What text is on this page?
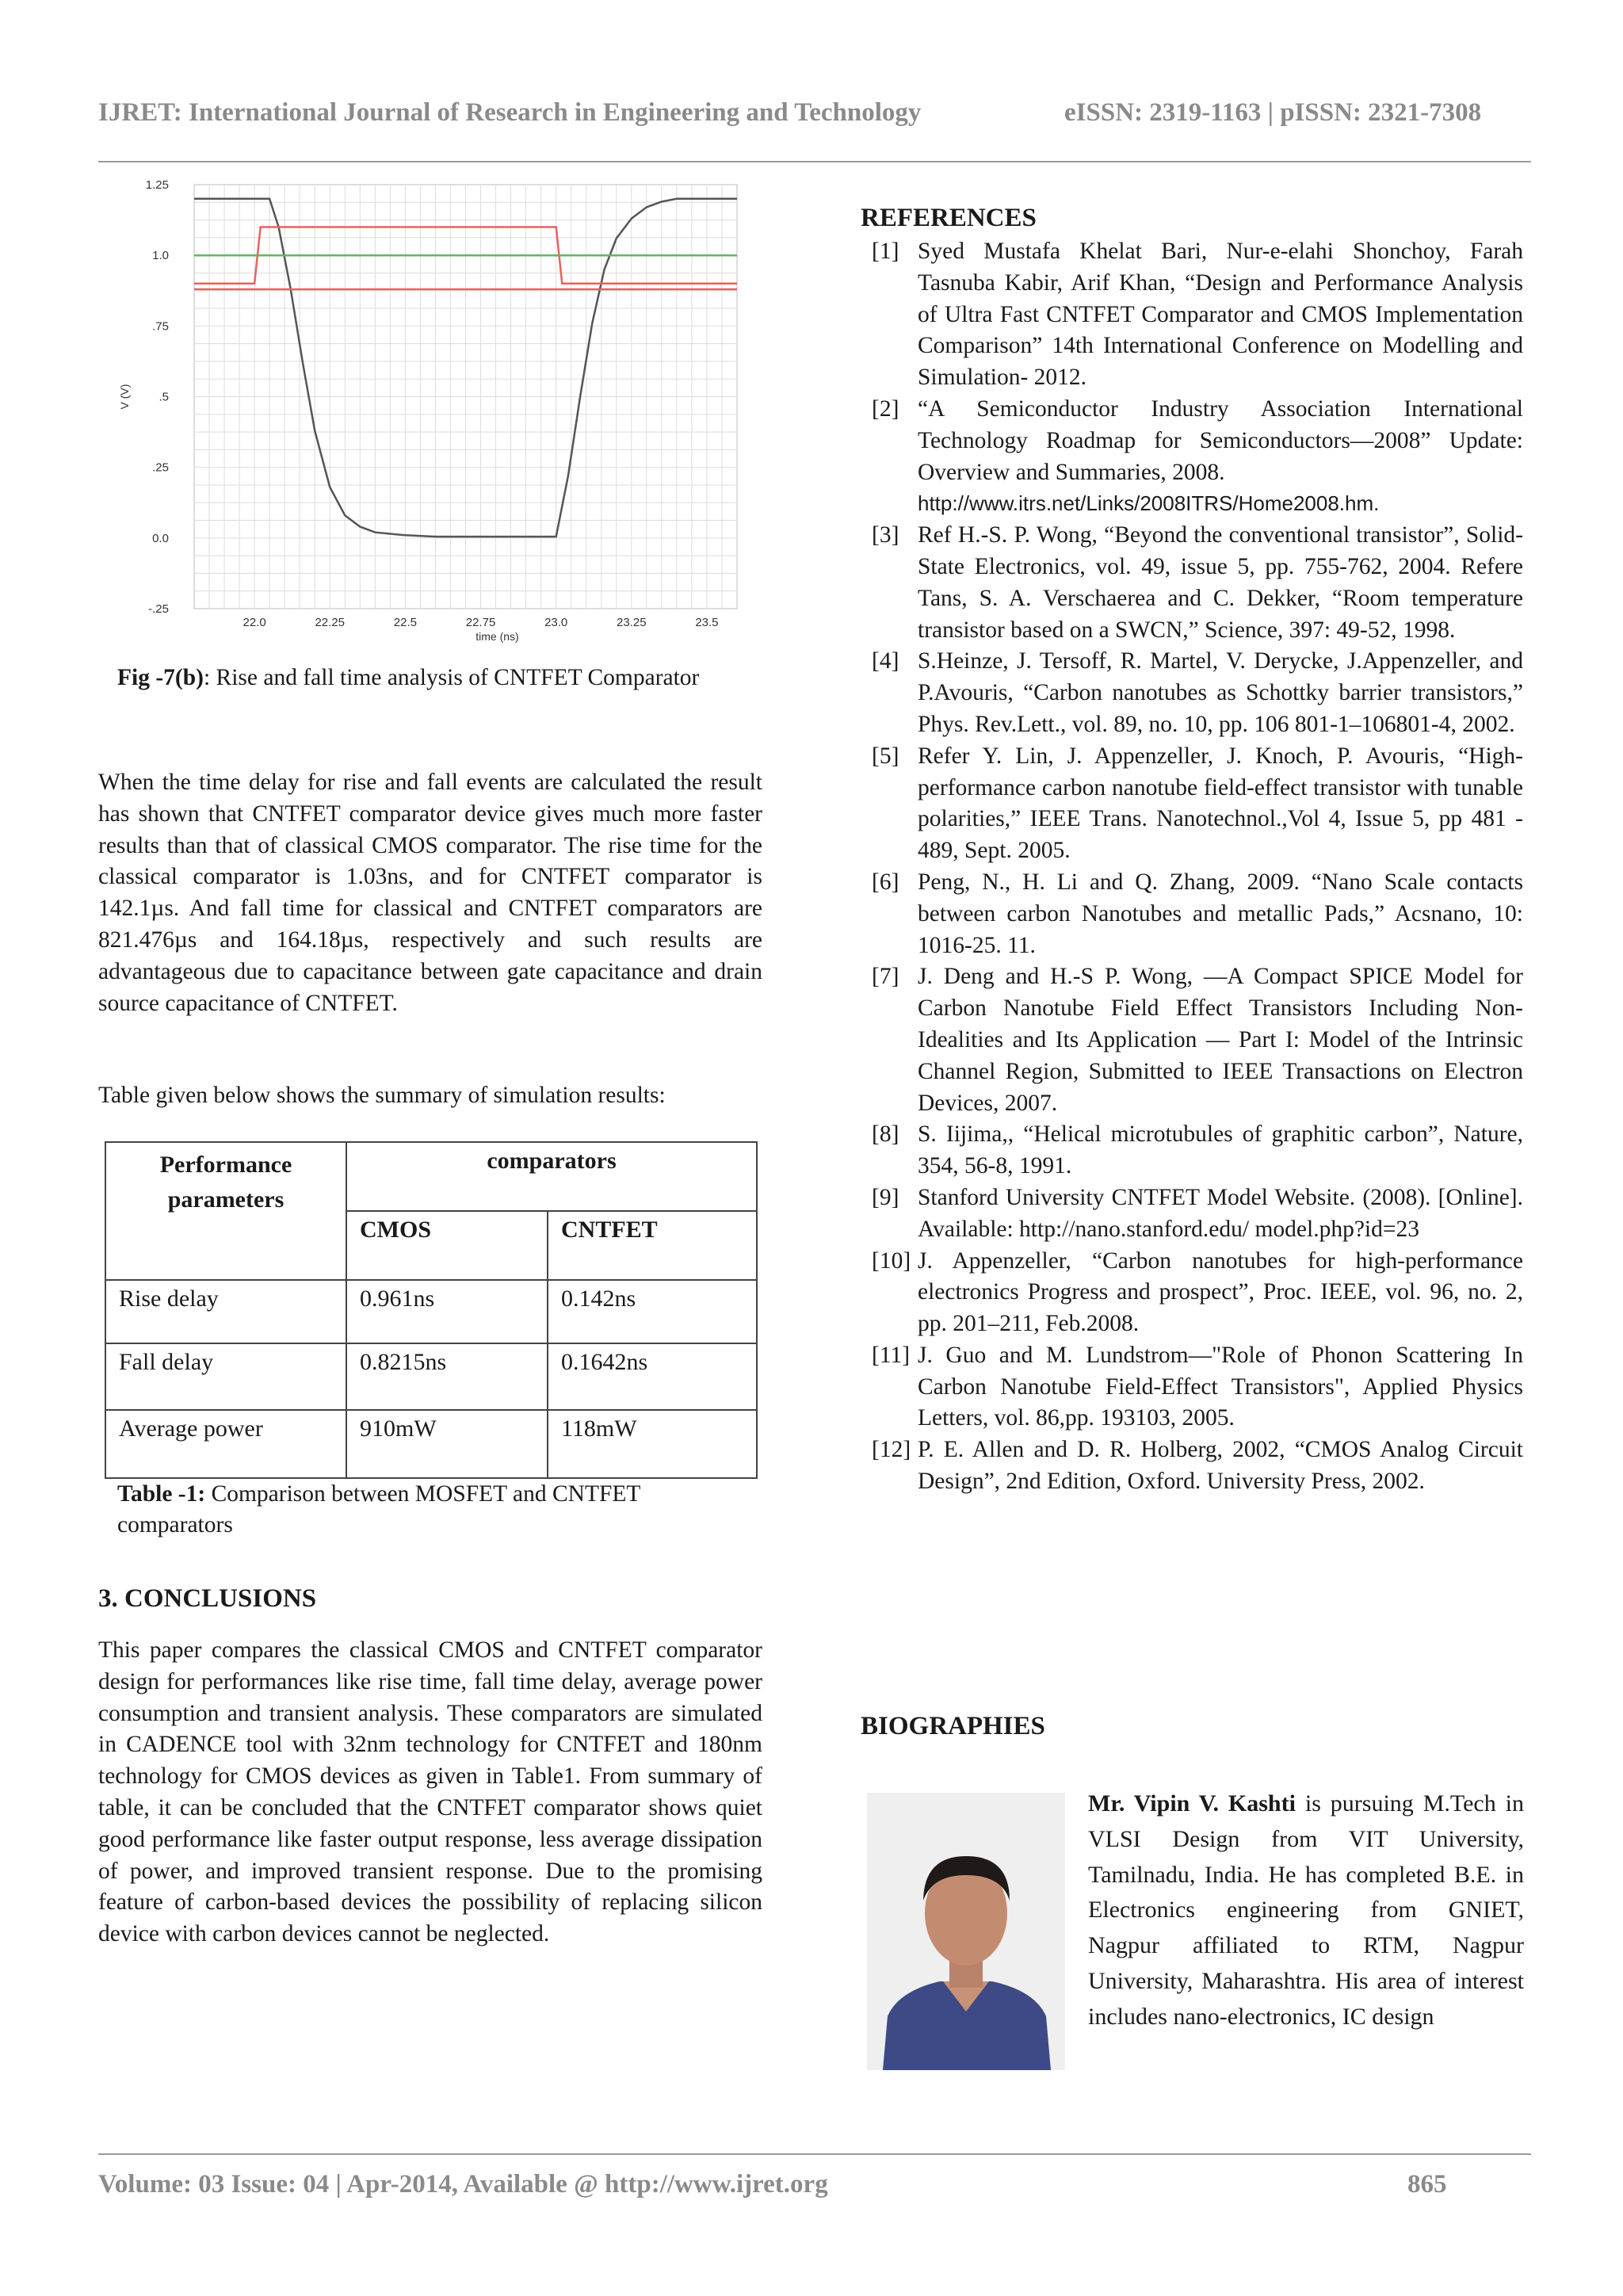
IJRET: International Journal of Research in Engineering and Technology	eISSN: 2319-1163 | pISSN: 2321-7308
1.25
1.0
.75
.5
.25
0.0
-.25
22.0	22.25	22.5	22.75	23.0	23.25	23.5
time (ns)
V (V)
Fig -7(b): Rise and fall time analysis of CNTFET Comparator
When the time delay for rise and fall events are calculated the result has shown that CNTFET comparator device gives much more faster results than that of classical CMOS comparator. The rise time for the classical comparator is 1.03ns, and for CNTFET comparator is 142.1µs. And fall time for classical and CNTFET comparators are 821.476µs and 164.18µs, respectively and such results are advantageous due to capacitance between gate capacitance and drain source capacitance of CNTFET.
Table given below shows the summary of simulation results:
Performance parameters	comparators	
	CMOS	CNTFET
Rise delay	0.961ns	0.142ns
Fall delay	0.8215ns	0.1642ns
Average power	910mW	118mW
Table -1: Comparison between MOSFET and CNTFET comparators
3. CONCLUSIONS
This paper compares the classical CMOS and CNTFET comparator design for performances like rise time, fall time delay, average power consumption and transient analysis. These comparators are simulated in CADENCE tool with 32nm technology for CNTFET and 180nm technology for CMOS devices as given in Table1. From summary of table, it can be concluded that the CNTFET comparator shows quiet good performance like faster output response, less average dissipation of power, and improved transient response. Due to the promising feature of carbon-based devices the possibility of replacing silicon device with carbon devices cannot be neglected.
REFERENCES
[1] Syed Mustafa Khelat Bari, Nur-e-elahi Shonchoy, Farah Tasnuba Kabir, Arif Khan, “Design and Performance Analysis of Ultra Fast CNTFET Comparator and CMOS Implementation Comparison” 14th International Conference on Modelling and Simulation- 2012.
[2] “A Semiconductor Industry Association International Technology Roadmap for Semiconductors—2008” Update: Overview and Summaries, 2008.
http://www.itrs.net/Links/2008ITRS/Home2008.hm.
[3] Ref H.-S. P. Wong, “Beyond the conventional transistor”, Solid- State Electronics, vol. 49, issue 5, pp. 755-762, 2004. Refere Tans, S. A. Verschaerea and C. Dekker, “Room temperature transistor based on a SWCN,” Science, 397: 49-52, 1998.
[4] S.Heinze, J. Tersoff, R. Martel, V. Derycke, J.Appenzeller, and P.Avouris, “Carbon nanotubes as Schottky barrier transistors,” Phys. Rev.Lett., vol. 89, no. 10, pp. 106 801-1–106801-4, 2002.
[5] Refer Y. Lin, J. Appenzeller, J. Knoch, P. Avouris, “High-performance carbon nanotube field-effect transistor with tunable polarities,” IEEE Trans. Nanotechnol.,Vol 4, Issue 5, pp 481 - 489, Sept. 2005.
[6] Peng, N., H. Li and Q. Zhang, 2009. “Nano Scale contacts between carbon Nanotubes and metallic Pads,” Acsnano, 10: 1016-25. 11.
[7] J. Deng and H.-S P. Wong, ―A Compact SPICE Model for Carbon Nanotube Field Effect Transistors Including Non-Idealities and Its Application — Part I: Model of the Intrinsic Channel Region, Submitted to IEEE Transactions on Electron Devices, 2007.
[8] S. Iijima,, “Helical microtubules of graphitic carbon”, Nature, 354, 56-8, 1991.
[9] Stanford University CNTFET Model Website. (2008). [Online]. Available: http://nano.stanford.edu/ model.php?id=23
[10] J. Appenzeller, “Carbon nanotubes for high-performance electronics Progress and prospect”, Proc. IEEE, vol. 96, no. 2, pp. 201–211, Feb.2008.
[11] J. Guo and M. Lundstrom―"Role of Phonon Scattering In Carbon Nanotube Field-Effect Transistors", Applied Physics Letters, vol. 86,pp. 193103, 2005.
[12] P. E. Allen and D. R. Holberg, 2002, “CMOS Analog Circuit Design”, 2nd Edition, Oxford. University Press, 2002.
BIOGRAPHIES
Mr. Vipin V. Kashti is pursuing M.Tech in VLSI Design from VIT University, Tamilnadu, India. He has completed B.E. in Electronics engineering from GNIET, Nagpur affiliated to RTM, Nagpur University, Maharashtra. His area of interest includes nano-electronics, IC design
Volume: 03 Issue: 04 | Apr-2014, Available @ http://www.ijret.org	865
